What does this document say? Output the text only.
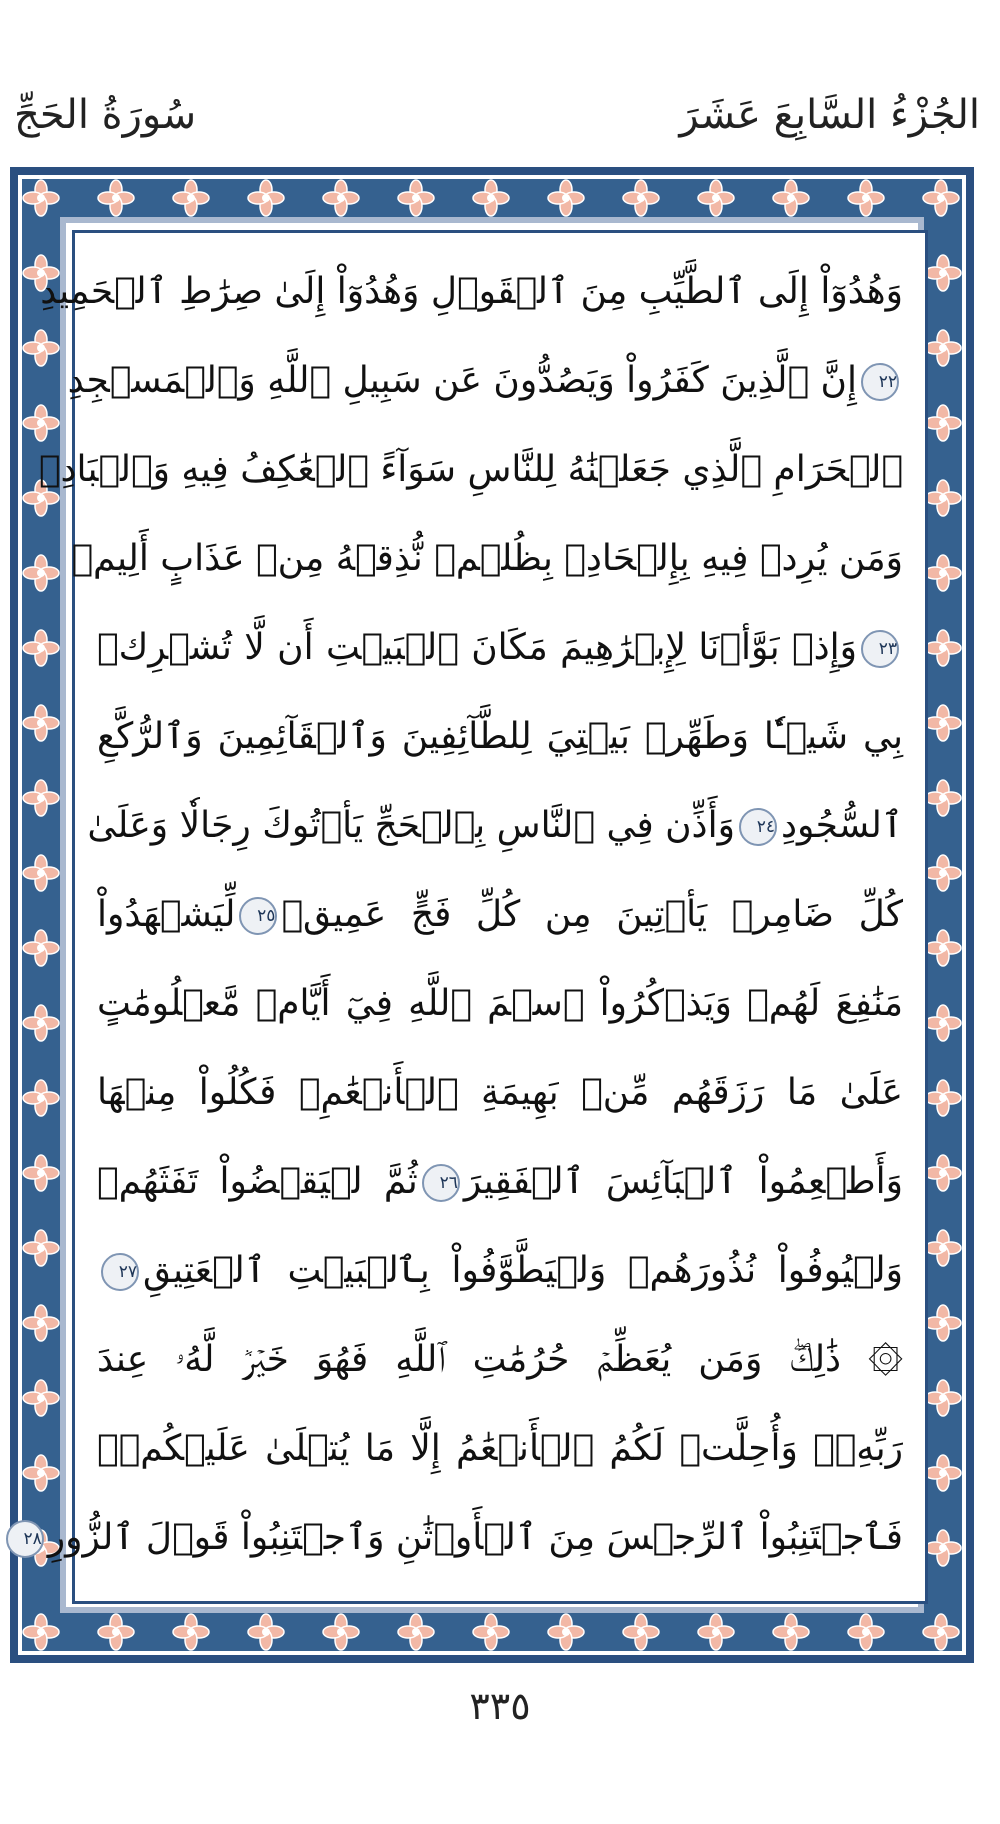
سُورَةُ الحَجِّ	الجُزْءُ السَّابِعَ عَشَرَ
وَهُدُوٓاْ إِلَى ٱلطَّيِّبِ مِنَ ٱلۡقَوۡلِ وَهُدُوٓاْ إِلَىٰ صِرَٰطِ ٱلۡحَمِيدِ
٢٢إِنَّ ٱلَّذِينَ كَفَرُواْ وَيَصُدُّونَ عَن سَبِيلِ ٱللَّهِ وَٱلۡمَسۡجِدِ
ٱلۡحَرَامِ ٱلَّذِي جَعَلۡنَٰهُ لِلنَّاسِ سَوَآءً ٱلۡعَٰكِفُ فِيهِ وَٱلۡبَادِۚ
وَمَن يُرِدۡ فِيهِ بِإِلۡحَادِۭ بِظُلۡمٖ نُّذِقۡهُ مِنۡ عَذَابٍ أَلِيمٖ
٢٣وَإِذۡ بَوَّأۡنَا لِإِبۡرَٰهِيمَ مَكَانَ ٱلۡبَيۡتِ أَن لَّا تُشۡرِكۡ
بِي شَيۡـٔٗا وَطَهِّرۡ بَيۡتِيَ لِلطَّآئِفِينَ وَٱلۡقَآئِمِينَ وَٱلرُّكَّعِ
ٱلسُّجُودِ٢٤وَأَذِّن فِي ٱلنَّاسِ بِٱلۡحَجِّ يَأۡتُوكَ رِجَالٗا وَعَلَىٰ
كُلِّ ضَامِرٖ يَأۡتِينَ مِن كُلِّ فَجٍّ عَمِيقٖ٢٥لِّيَشۡهَدُواْ
مَنَٰفِعَ لَهُمۡ وَيَذۡكُرُواْ ٱسۡمَ ٱللَّهِ فِيٓ أَيَّامٖ مَّعۡلُومَٰتٍ
عَلَىٰ مَا رَزَقَهُم مِّنۢ بَهِيمَةِ ٱلۡأَنۡعَٰمِۖ فَكُلُواْ مِنۡهَا
وَأَطۡعِمُواْ ٱلۡبَآئِسَ ٱلۡفَقِيرَ٢٦ثُمَّ لۡيَقۡضُواْ تَفَثَهُمۡ
وَلۡيُوفُواْ نُذُورَهُمۡ وَلۡيَطَّوَّفُواْ بِٱلۡبَيۡتِ ٱلۡعَتِيقِ٢٧
۞ ذَٰلِكَۖ وَمَن يُعَظِّمۡ حُرُمَٰتِ ٱللَّهِ فَهُوَ خَيۡرٞ لَّهُۥ عِندَ
رَبِّهِۦۗ وَأُحِلَّتۡ لَكُمُ ٱلۡأَنۡعَٰمُ إِلَّا مَا يُتۡلَىٰ عَلَيۡكُمۡۖ
فَٱجۡتَنِبُواْ ٱلرِّجۡسَ مِنَ ٱلۡأَوۡثَٰنِ وَٱجۡتَنِبُواْ قَوۡلَ ٱلزُّورِ٢٨
٣٣٥
